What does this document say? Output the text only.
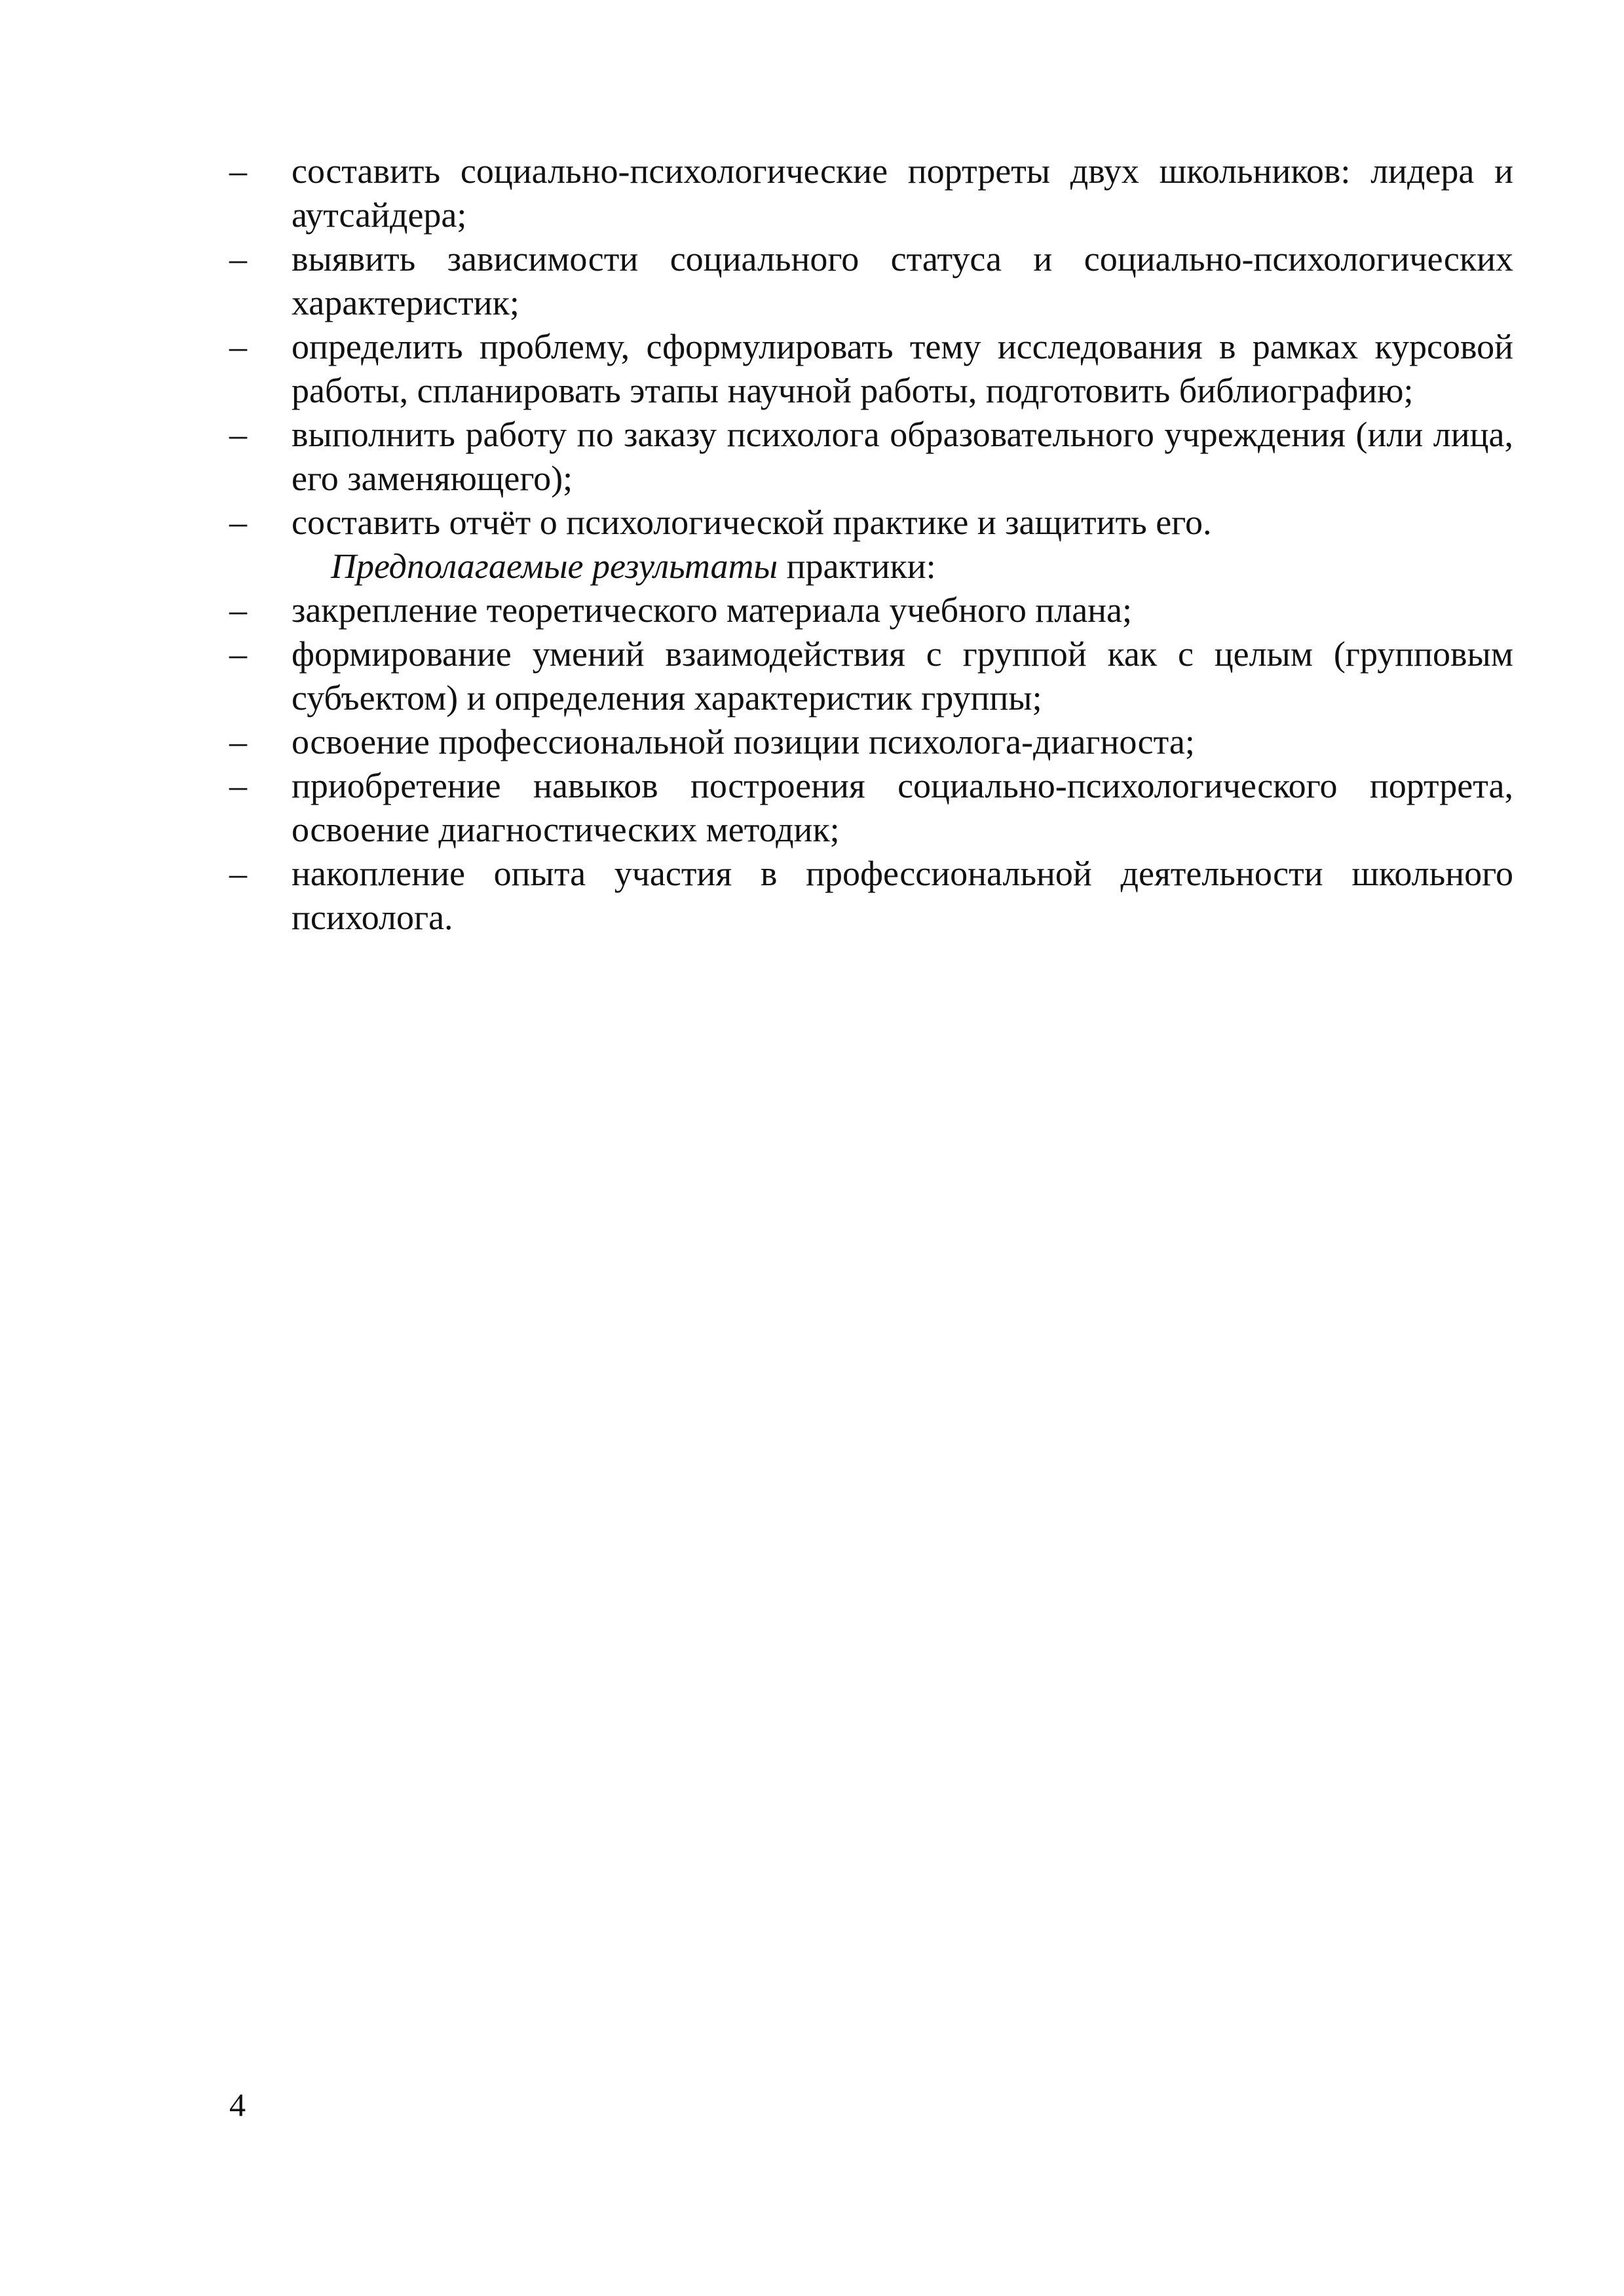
– составить социально-психологические портреты двух школьников: лидера и аутсайдера;
– выявить зависимости социального статуса и социально-психологических характеристик;
– определить проблему, сформулировать тему исследования в рамках курсовой работы, спланировать этапы научной работы, подготовить библиографию;
– выполнить работу по заказу психолога образовательного учреждения (или лица, его заменяющего);
– составить отчёт о психологической практике и защитить его.

Предполагаемые результаты практики:

– закрепление теоретического материала учебного плана;
– формирование умений взаимодействия с группой как с целым (групповым субъектом) и определения характеристик группы;
– освоение профессиональной позиции психолога-диагноста;
– приобретение навыков построения социально-психологического портрета, освоение диагностических методик;
– накопление опыта участия в профессиональной деятельности школьного психолога.
4
